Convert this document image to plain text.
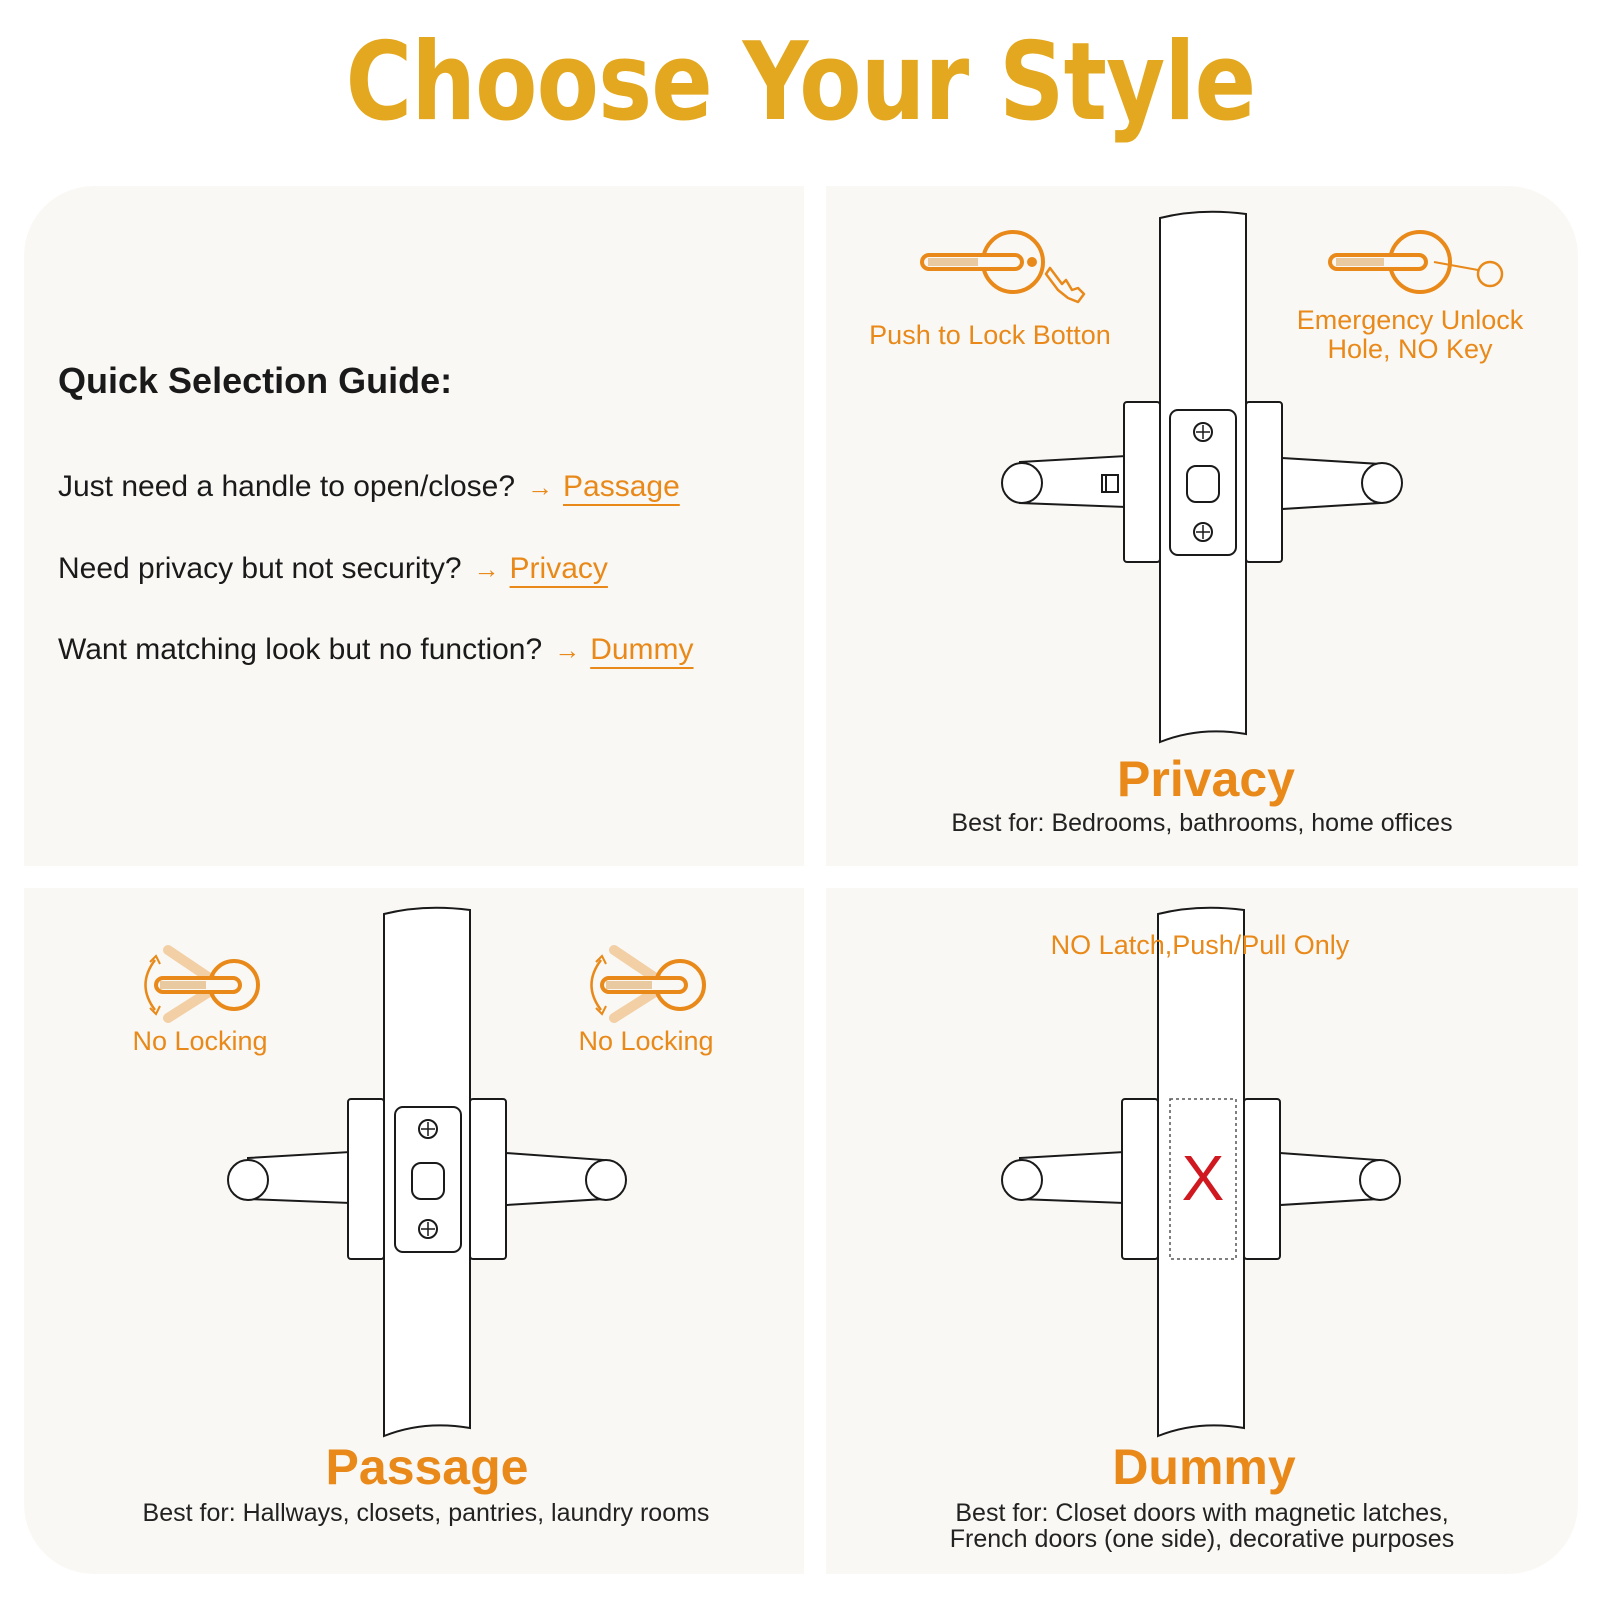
Choose Your Style
Quick Selection Guide:
Just need a handle to open/close? → Passage
Need privacy but not security? → Privacy
Want matching look but no function? → Dummy
Push to Lock Botton	Emergency Unlock
Hole, NO Key
Privacy
Best for: Bedrooms, bathrooms, home offices
No Locking	No Locking
Passage
Best for: Hallways, closets, pantries, laundry rooms
NO Latch,Push/Pull Only
X
Dummy
Best for: Closet doors with magnetic latches,
French doors (one side), decorative purposes
